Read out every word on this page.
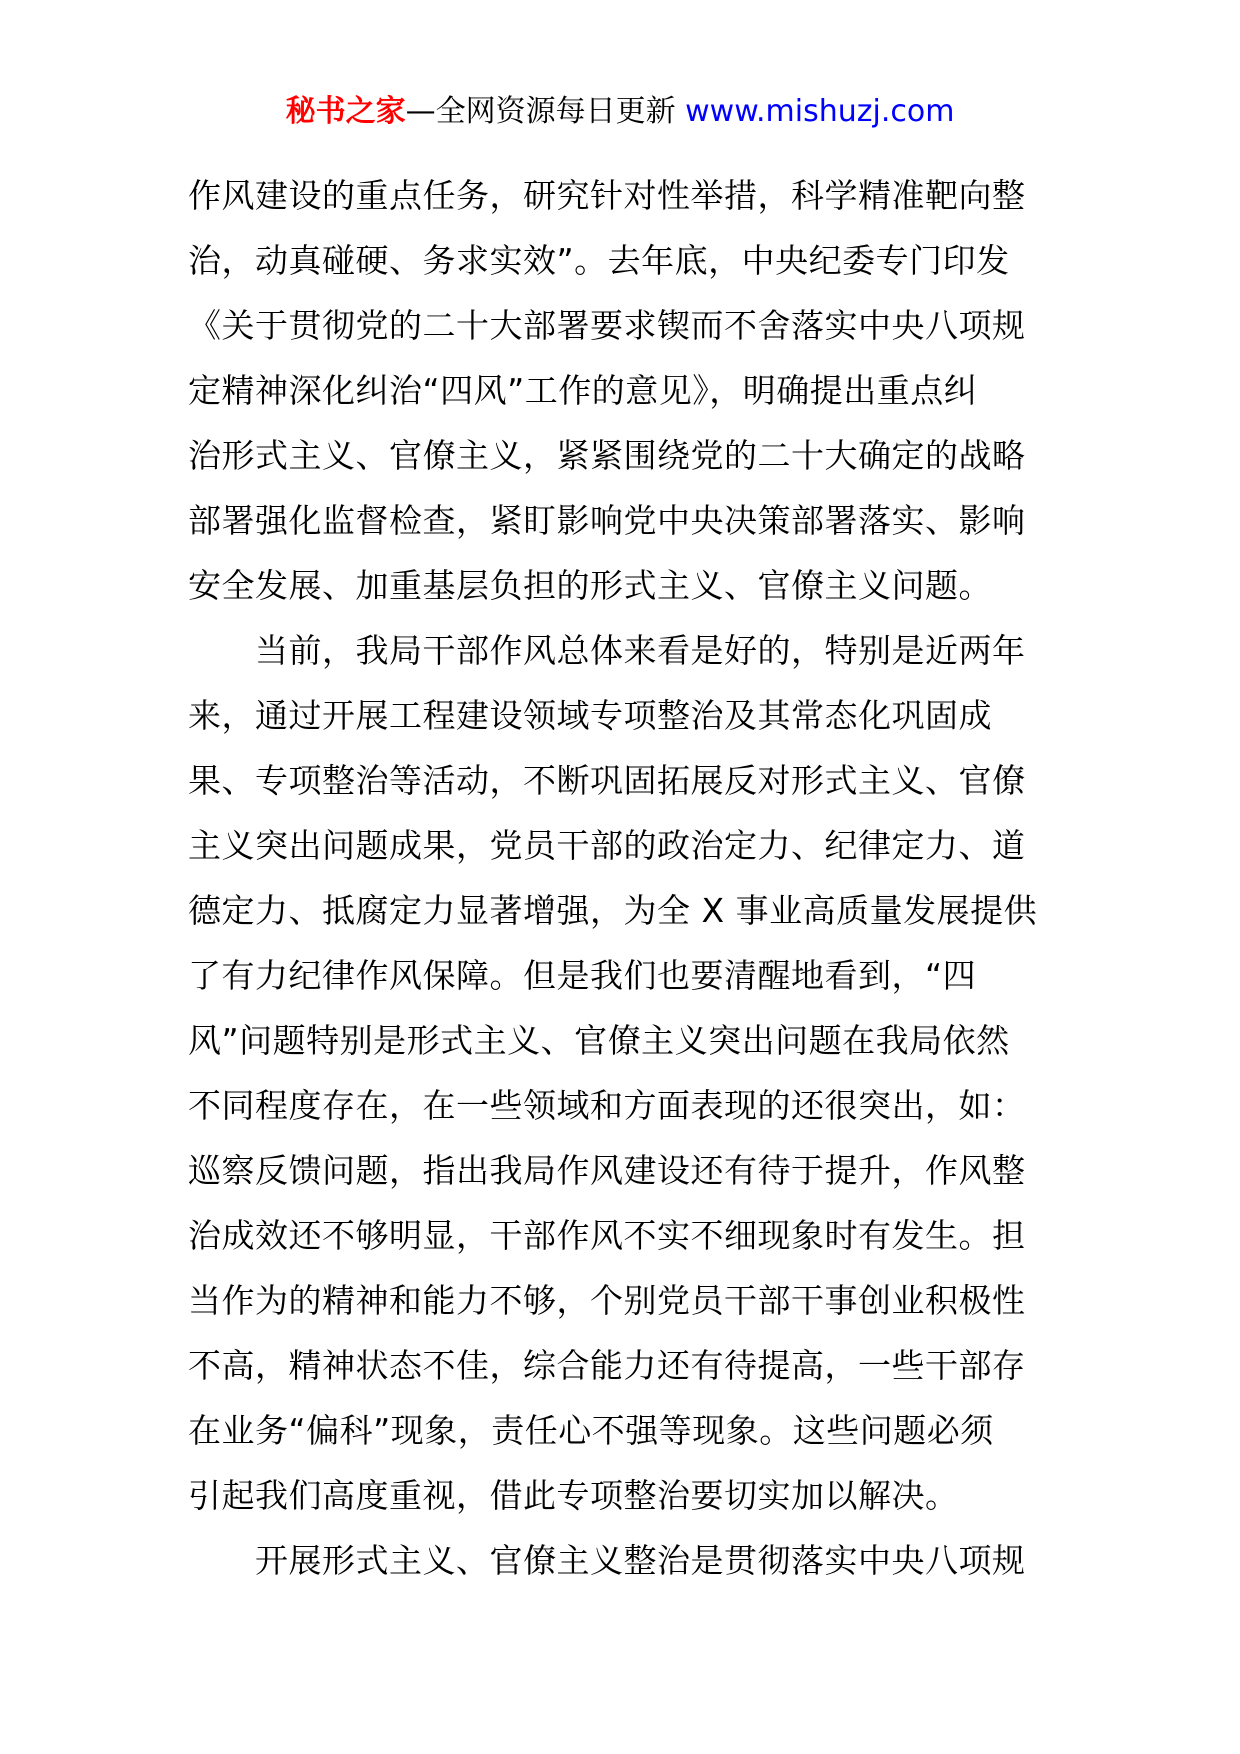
秘书之家—全网资源每日更新 www.mishuzj.com
作风建设的重点任务，研究针对性举措，科学精准靶向整
治，动真碰硬、务求实效”。去年底，中央纪委专门印发
《关于贯彻党的二十大部署要求锲而不舍落实中央八项规
定精神深化纠治“四风”工作的意见》，明确提出重点纠
治形式主义、官僚主义，紧紧围绕党的二十大确定的战略
部署强化监督检查，紧盯影响党中央决策部署落实、影响
安全发展、加重基层负担的形式主义、官僚主义问题。
　　当前，我局干部作风总体来看是好的，特别是近两年
来，通过开展工程建设领域专项整治及其常态化巩固成
果、专项整治等活动，不断巩固拓展反对形式主义、官僚
主义突出问题成果，党员干部的政治定力、纪律定力、道
德定力、抵腐定力显著增强，为全 X 事业高质量发展提供
了有力纪律作风保障。但是我们也要清醒地看到，“四
风”问题特别是形式主义、官僚主义突出问题在我局依然
不同程度存在，在一些领域和方面表现的还很突出，如：
巡察反馈问题，指出我局作风建设还有待于提升，作风整
治成效还不够明显，干部作风不实不细现象时有发生。担
当作为的精神和能力不够，个别党员干部干事创业积极性
不高，精神状态不佳，综合能力还有待提高，一些干部存
在业务“偏科”现象，责任心不强等现象。这些问题必须
引起我们高度重视，借此专项整治要切实加以解决。
　　开展形式主义、官僚主义整治是贯彻落实中央八项规
